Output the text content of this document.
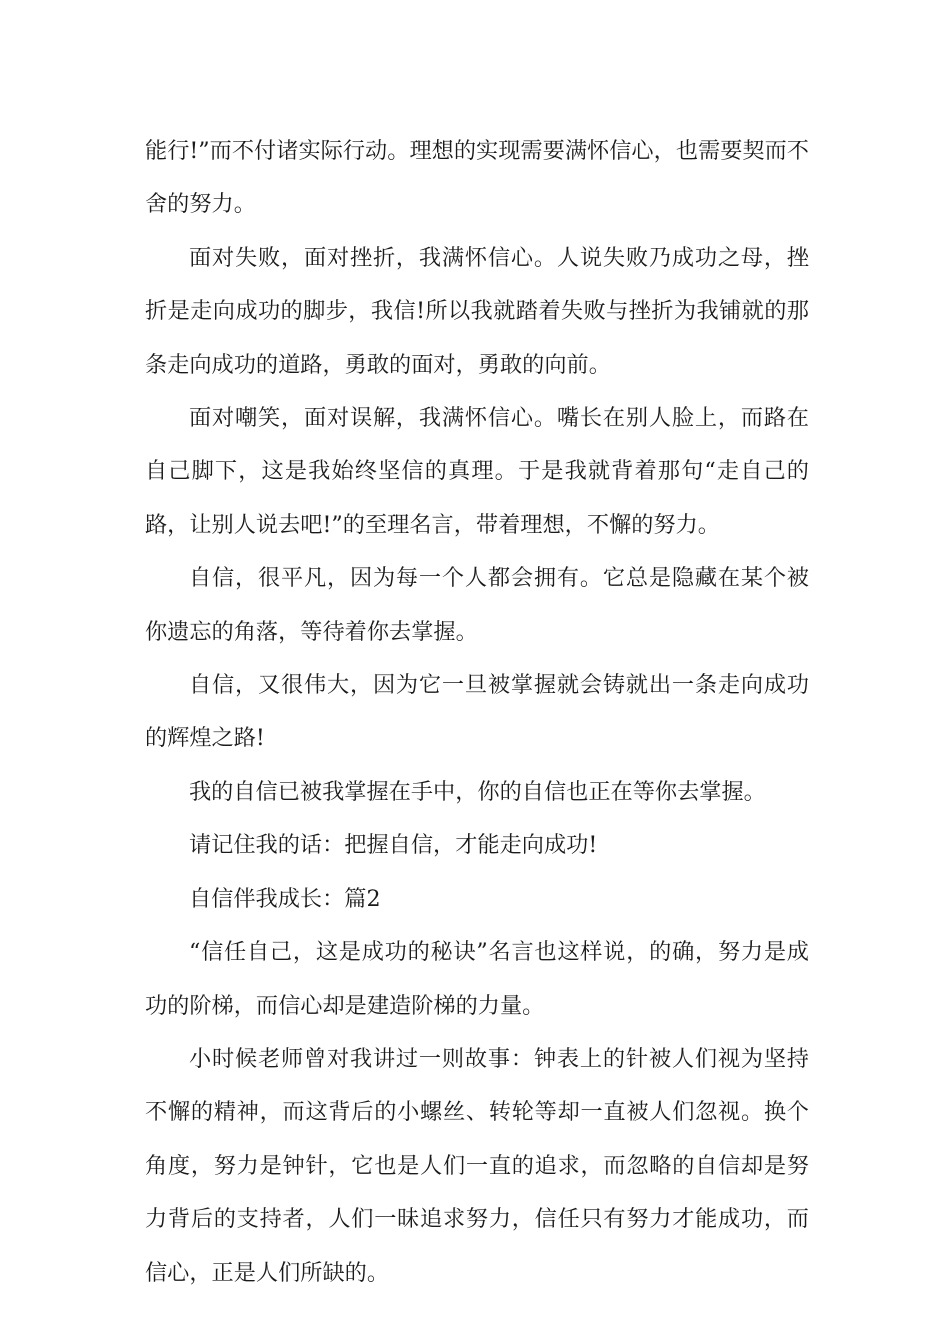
能行!”而不付诸实际行动。理想的实现需要满怀信心，也需要契而不舍的努力。

面对失败，面对挫折，我满怀信心。人说失败乃成功之母，挫折是走向成功的脚步，我信!所以我就踏着失败与挫折为我铺就的那条走向成功的道路，勇敢的面对，勇敢的向前。

面对嘲笑，面对误解，我满怀信心。嘴长在别人脸上，而路在自己脚下，这是我始终坚信的真理。于是我就背着那句“走自己的路，让别人说去吧!”的至理名言，带着理想，不懈的努力。

自信，很平凡，因为每一个人都会拥有。它总是隐藏在某个被你遗忘的角落，等待着你去掌握。

自信，又很伟大，因为它一旦被掌握就会铸就出一条走向成功的辉煌之路!

我的自信已被我掌握在手中，你的自信也正在等你去掌握。

请记住我的话：把握自信，才能走向成功!

自信伴我成长：篇2

“信任自己，这是成功的秘诀”名言也这样说，的确，努力是成功的阶梯，而信心却是建造阶梯的力量。

小时候老师曾对我讲过一则故事：钟表上的针被人们视为坚持不懈的精神，而这背后的小螺丝、转轮等却一直被人们忽视。换个角度，努力是钟针，它也是人们一直的追求，而忽略的自信却是努力背后的支持者，人们一昧追求努力，信任只有努力才能成功，而信心，正是人们所缺的。
